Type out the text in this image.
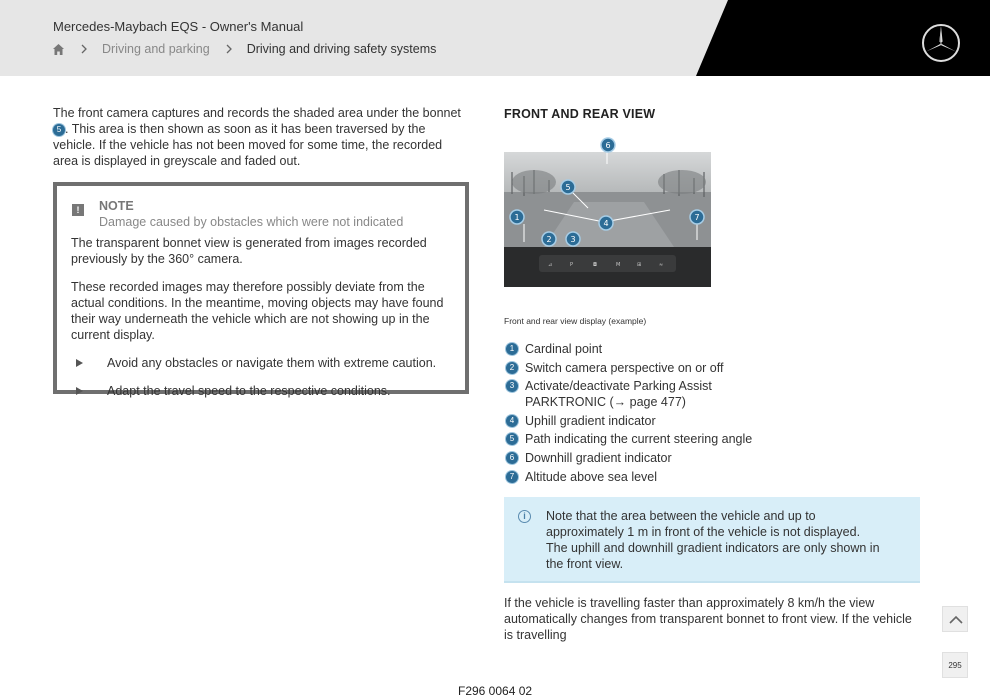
Mercedes-Maybach EQS - Owner's Manual
Driving and parking	Driving and driving safety systems

The front camera captures and records the shaded area under the bonnet 5 . This area is then shown as soon as it has been traversed by the vehicle. If the vehicle has not been moved for some time, the recorded area is displayed in greyscale and faded out.

!	NOTE
Damage caused by obstacles which were not indicated

The transparent bonnet view is generated from images recorded previously by the 360° camera.

These recorded images may therefore possibly deviate from the actual conditions. In the meantime, moving objects may have found their way underneath the vehicle which are not showing up in the current display.

Avoid any obstacles or navigate them with extreme caution.
Adapt the travel speed to the respective conditions.
FRONT AND REAR VIEW
⊿	P	◘	M	⊞	≈
6
5
1
4
7
2 3
Front and rear view display (example)
1 Cardinal point
2 Switch camera perspective on or off
3 Activate/deactivate Parking Assist PARKTRONIC (→ page 477)
4 Uphill gradient indicator
5 Path indicating the current steering angle
6 Downhill gradient indicator
7 Altitude above sea level
i	Note that the area between the vehicle and up to approximately 1 m in front of the vehicle is not displayed.
The uphill and downhill gradient indicators are only shown in the front view.

If the vehicle is travelling faster than approximately 8 km/h the view automatically changes from transparent bonnet to front view. If the vehicle is travelling

F296 0064 02
295
